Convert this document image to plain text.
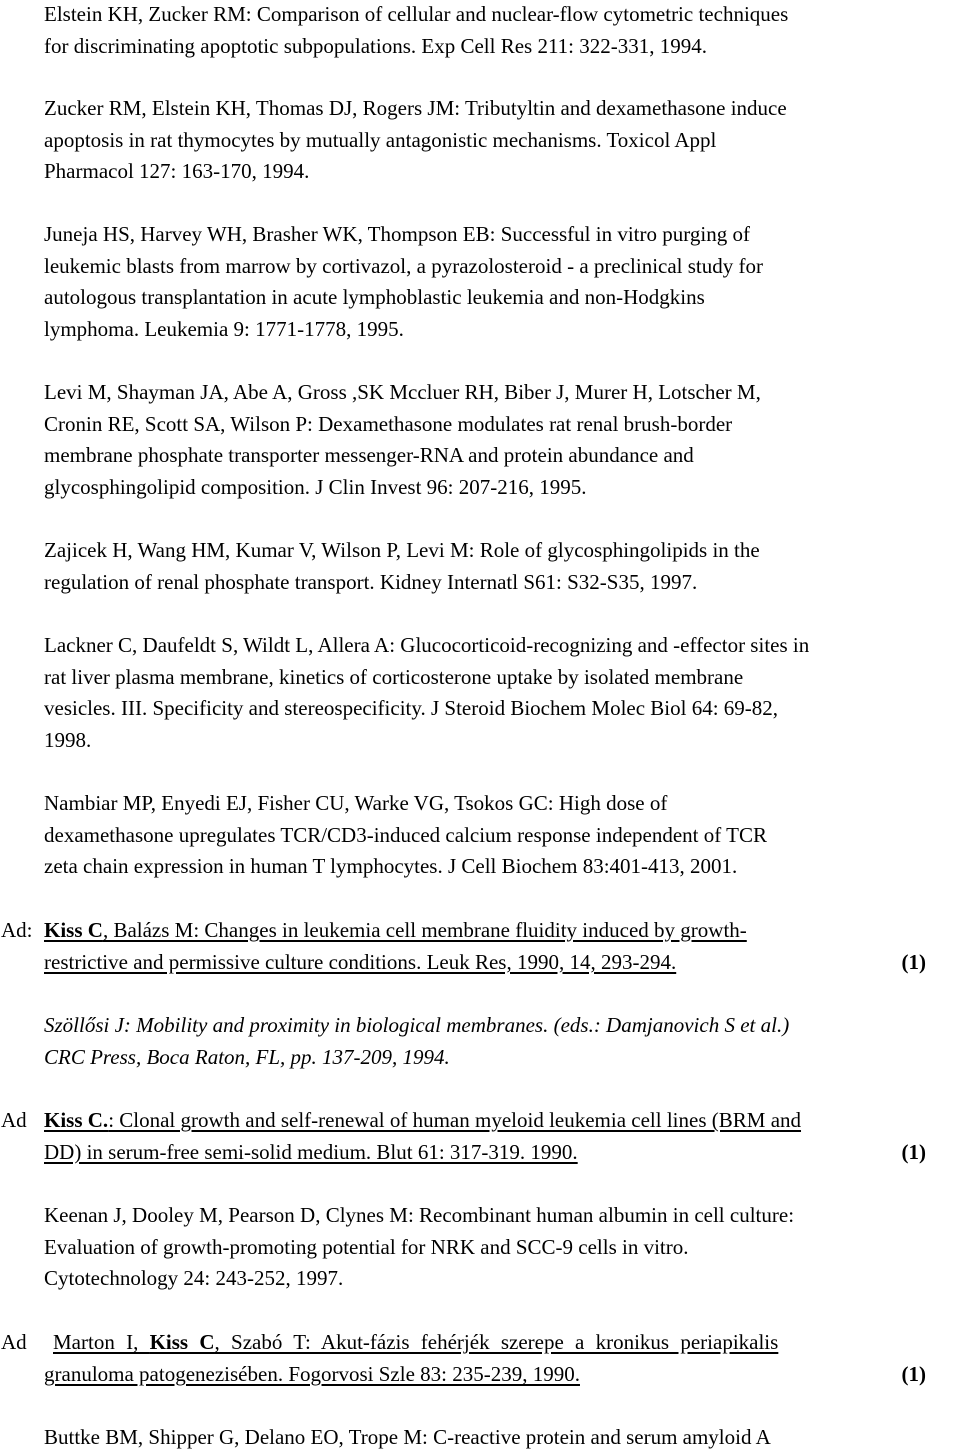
Elstein KH, Zucker RM: Comparison of cellular and nuclear-flow cytometric techniques
for discriminating apoptotic subpopulations. Exp Cell Res 211: 322-331, 1994.
Zucker RM, Elstein KH, Thomas DJ, Rogers JM: Tributyltin and dexamethasone induce
apoptosis in rat thymocytes by mutually antagonistic mechanisms. Toxicol Appl
Pharmacol 127: 163-170, 1994.
Juneja HS, Harvey WH, Brasher WK, Thompson EB: Successful in vitro purging of
leukemic blasts from marrow by cortivazol, a pyrazolosteroid - a preclinical study for
autologous transplantation in acute lymphoblastic leukemia and non-Hodgkins
lymphoma. Leukemia 9: 1771-1778, 1995.
Levi M, Shayman JA, Abe A, Gross ,SK Mccluer RH, Biber J, Murer H, Lotscher M,
Cronin RE, Scott SA, Wilson P: Dexamethasone modulates rat renal brush-border
membrane phosphate transporter messenger-RNA and protein abundance and
glycosphingolipid composition. J Clin Invest 96: 207-216, 1995.
Zajicek H, Wang HM, Kumar V, Wilson P, Levi M: Role of glycosphingolipids in the
regulation of renal phosphate transport. Kidney Internatl S61: S32-S35, 1997.
Lackner C, Daufeldt S, Wildt L, Allera A: Glucocorticoid-recognizing and -effector sites in
rat liver plasma membrane, kinetics of corticosterone uptake by isolated membrane
vesicles. III. Specificity and stereospecificity. J Steroid Biochem Molec Biol 64: 69-82,
1998.
Nambiar MP, Enyedi EJ, Fisher CU, Warke VG, Tsokos GC: High dose of
dexamethasone upregulates TCR/CD3-induced calcium response independent of TCR
zeta chain expression in human T lymphocytes. J Cell Biochem 83:401-413, 2001.
Ad: Kiss C, Balázs M: Changes in leukemia cell membrane fluidity induced by growth-
restrictive and permissive culture conditions. Leuk Res, 1990, 14, 293-294.	(1)
Szöllősi J: Mobility and proximity in biological membranes. (eds.: Damjanovich S et al.)
CRC Press, Boca Raton, FL, pp. 137-209, 1994.
Ad Kiss C.: Clonal growth and self-renewal of human myeloid leukemia cell lines (BRM and
DD) in serum-free semi-solid medium. Blut 61: 317-319. 1990.	(1)
Keenan J, Dooley M, Pearson D, Clynes M: Recombinant human albumin in cell culture:
Evaluation of growth-promoting potential for NRK and SCC-9 cells in vitro.
Cytotechnology 24: 243-252, 1997.
Ad Marton I, Kiss C, Szabó T: Akut-fázis fehérjék szerepe a kronikus periapikalis
granuloma patogenezisében. Fogorvosi Szle 83: 235-239, 1990.	(1)
Buttke BM, Shipper G, Delano EO, Trope M: C-reactive protein and serum amyloid A
